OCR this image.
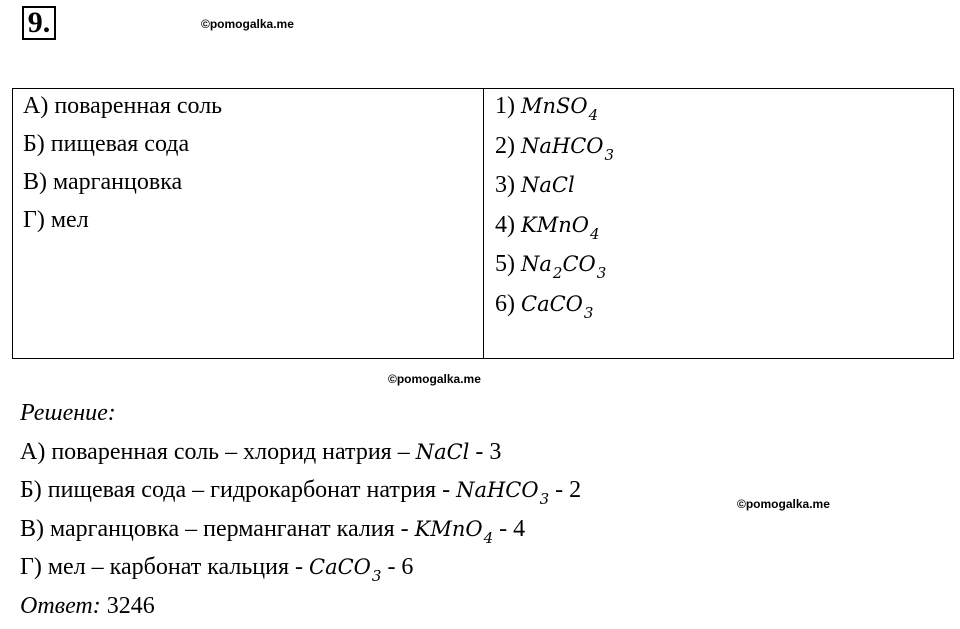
9.	©pomogalka.me
©pomogalka.me
©pomogalka.me
А) поваренная соль
Б) пищевая сода
В) марганцовка
Г) мел
1) MnSO$_4$
2) NaHCO$_3$
3) NaCl
4) KMnO$_4$
5) $Na_2CO_3$
6) CaCO$_3$
Решение:
А) поваренная соль – хлорид натрия – NaCl - 3
Б) пищевая сода – гидрокарбонат натрия - NaHCO$_3$ - 2
В) марганцовка – перманганат калия - KMnO$_4$ - 4
Г) мел – карбонат кальция - CaCO$_3$ - 6
Ответ: 3246
